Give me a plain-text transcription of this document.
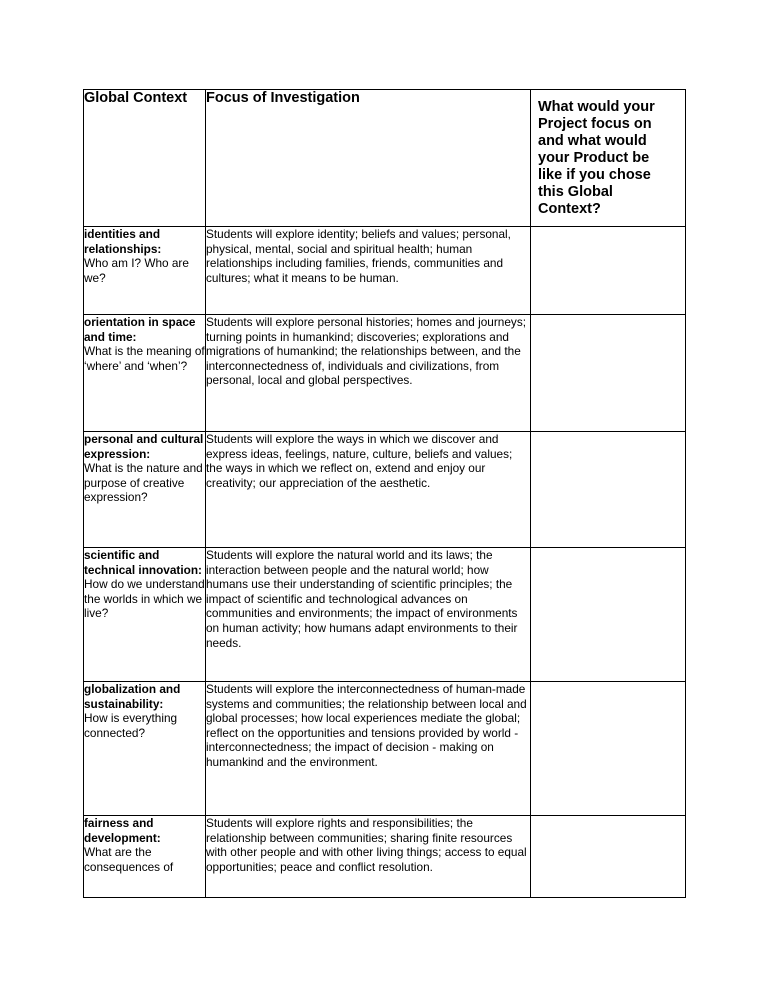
Global Context	Focus of Investigation	What would your Project focus on and what would your Product be like if you chose this Global Context?

identities and relationships:
Who am I? Who are we?	Students will explore identity; beliefs and values; personal, physical, mental, social and spiritual health; human relationships including families, friends, communities and cultures; what it means to be human.	

orientation in space and time:
What is the meaning of ‘where’ and ‘when’?	Students will explore personal histories; homes and journeys; turning points in humankind; discoveries; explorations and migrations of humankind; the relationships between, and the interconnectedness of, individuals and civilizations, from personal, local and global perspectives.	

personal and cultural expression:
What is the nature and purpose of creative expression?	Students will explore the ways in which we discover and express ideas, feelings, nature, culture, beliefs and values; the ways in which we reflect on, extend and enjoy our creativity; our appreciation of the aesthetic.	

scientific and technical innovation:
How do we understand the worlds in which we live?	Students will explore the natural world and its laws; the interaction between people and the natural world; how humans use their understanding of scientific principles; the impact of scientific and technological advances on communities and environments; the impact of environments on human activity; how humans adapt environments to their needs.	

globalization and sustainability:
How is everything connected?	Students will explore the interconnectedness of human-made systems and communities; the relationship between local and global processes; how local experiences mediate the global; reflect on the opportunities and tensions provided by world - interconnectedness; the impact of decision - making on humankind and the environment.	

fairness and development:
What are the consequences of	Students will explore rights and responsibilities; the relationship between communities; sharing finite resources with other people and with other living things; access to equal opportunities; peace and conflict resolution.	
